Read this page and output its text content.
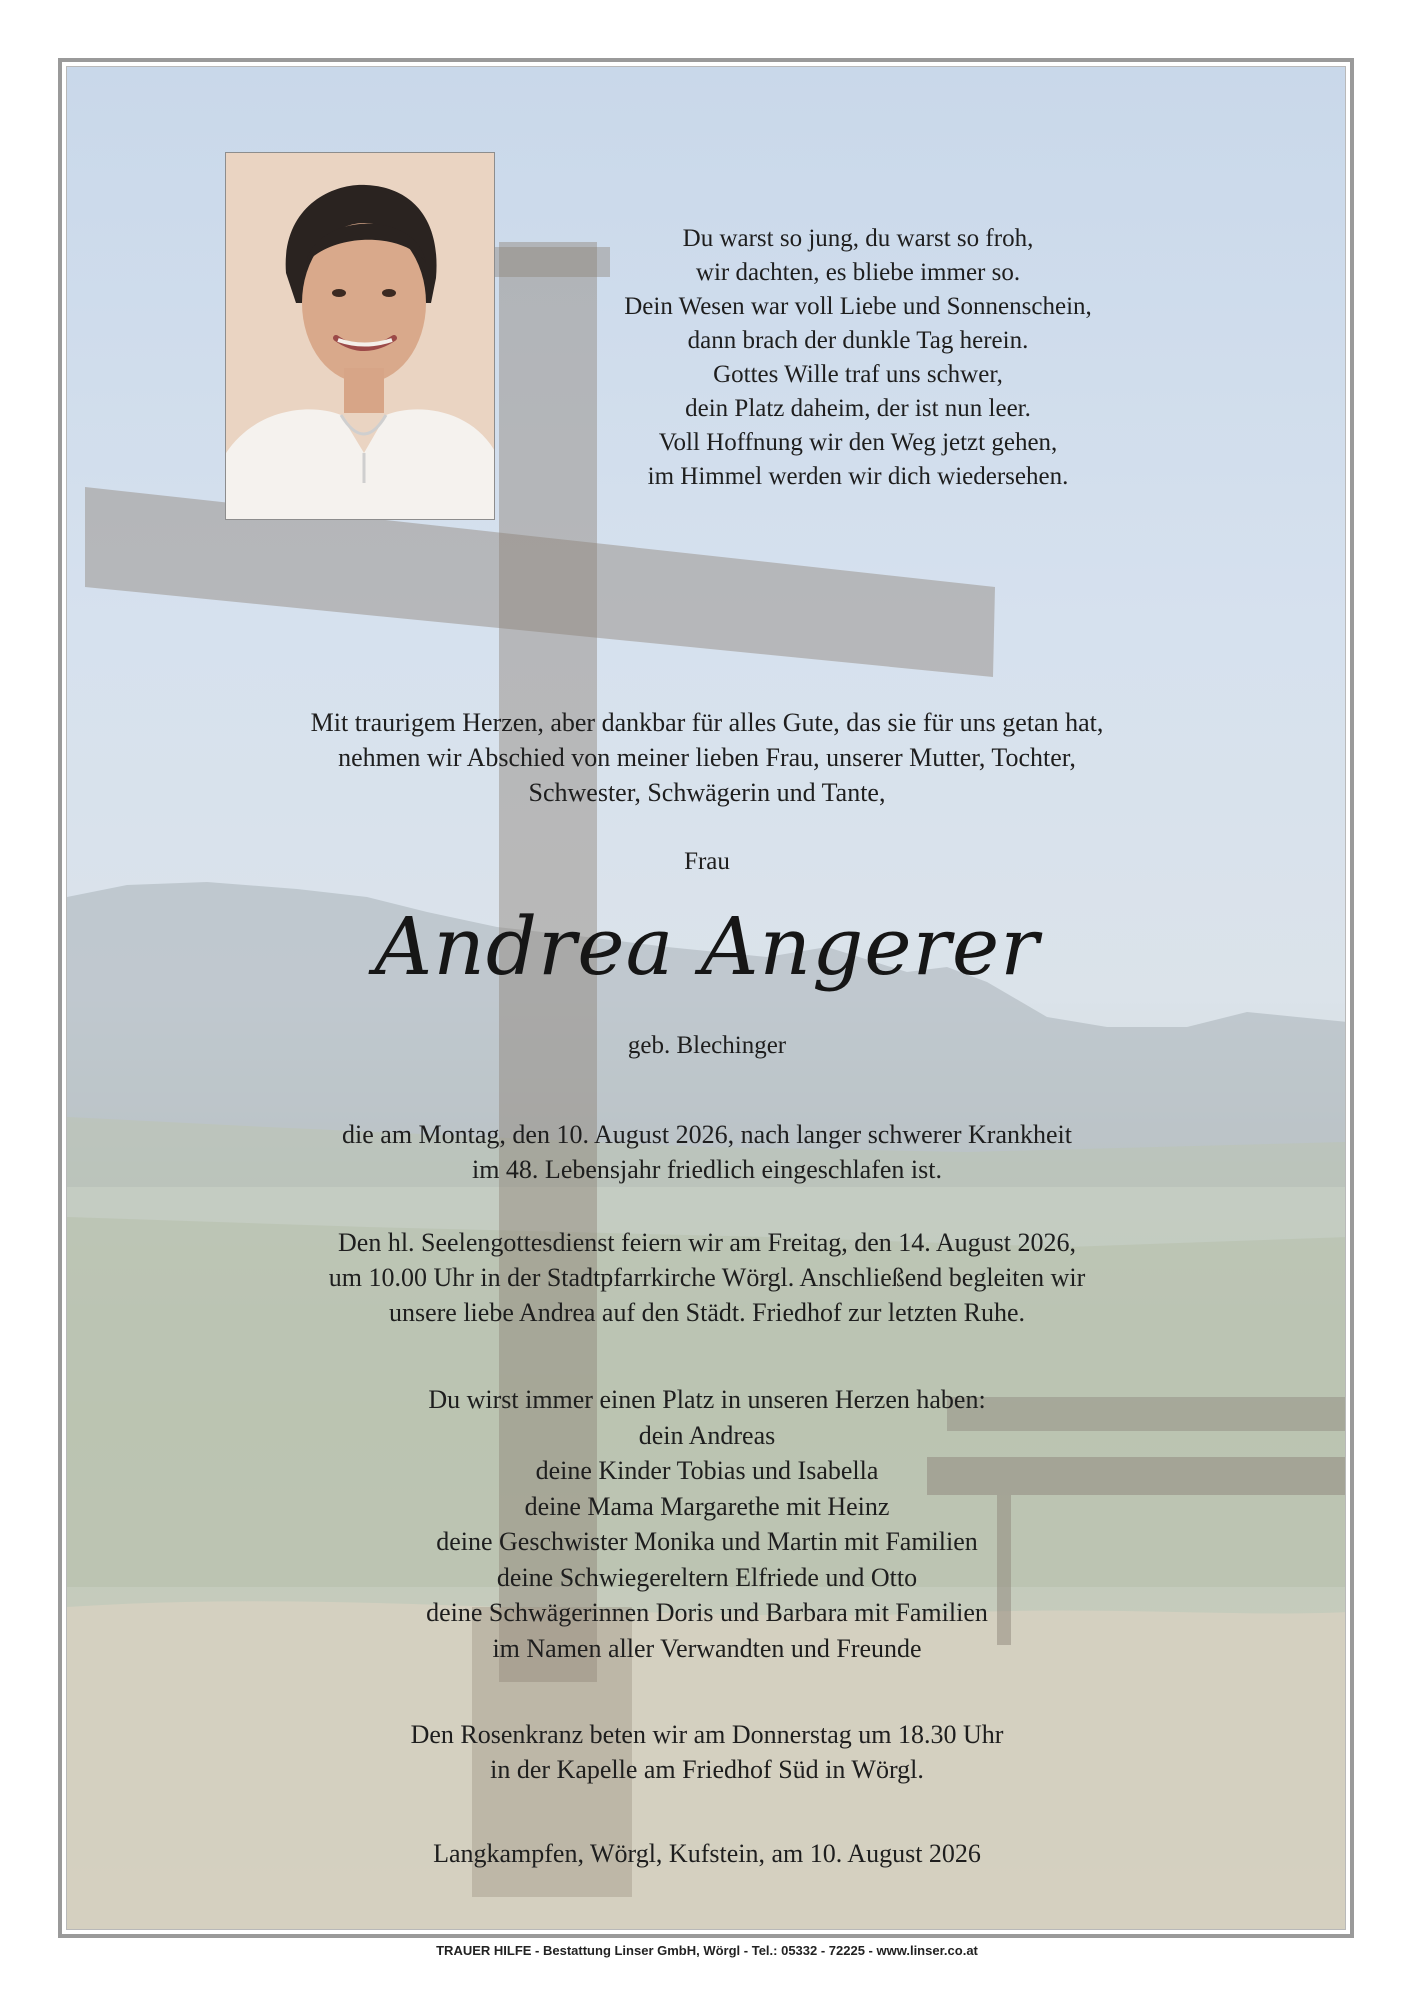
Du warst so jung, du warst so froh,
wir dachten, es bliebe immer so.
Dein Wesen war voll Liebe und Sonnenschein,
dann brach der dunkle Tag herein.
Gottes Wille traf uns schwer,
dein Platz daheim, der ist nun leer.
Voll Hoffnung wir den Weg jetzt gehen,
im Himmel werden wir dich wiedersehen.
Mit traurigem Herzen, aber dankbar für alles Gute, das sie für uns getan hat,
nehmen wir Abschied von meiner lieben Frau, unserer Mutter, Tochter,
Schwester, Schwägerin und Tante,
Frau
Andrea Angerer
geb. Blechinger
die am Montag, den 10. August 2026, nach langer schwerer Krankheit
im 48. Lebensjahr friedlich eingeschlafen ist.
Den hl. Seelengottesdienst feiern wir am Freitag, den 14. August 2026,
um 10.00 Uhr in der Stadtpfarrkirche Wörgl. Anschließend begleiten wir
unsere liebe Andrea auf den Städt. Friedhof zur letzten Ruhe.
Du wirst immer einen Platz in unseren Herzen haben:
dein Andreas
deine Kinder Tobias und Isabella
deine Mama Margarethe mit Heinz
deine Geschwister Monika und Martin mit Familien
deine Schwiegereltern Elfriede und Otto
deine Schwägerinnen Doris und Barbara mit Familien
im Namen aller Verwandten und Freunde
Den Rosenkranz beten wir am Donnerstag um 18.30 Uhr
in der Kapelle am Friedhof Süd in Wörgl.
Langkampfen, Wörgl, Kufstein, am 10. August 2026
TRAUER HILFE - Bestattung Linser GmbH, Wörgl - Tel.: 05332 - 72225 - www.linser.co.at
